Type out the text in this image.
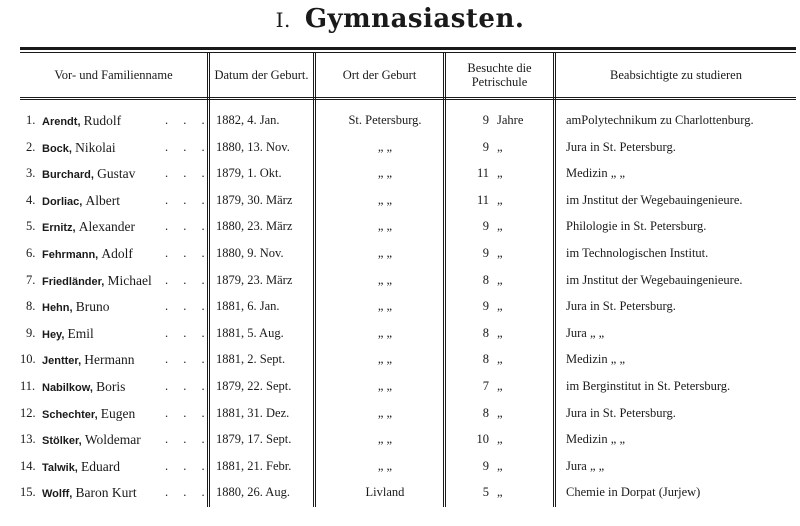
I. Gymnasiasten.
Vor- und Familienname	Datum der Geburt.	Ort der Geburt	Besuchte die Petrischule	Beabsichtigte zu studieren
1. Arendt, Rudolf	. . . 1882, 4. Jan.	St. Petersburg.	9 Jahre	amPolytechnikum zu Charlottenburg.
2. Bock, Nikolai	. . . 1880, 13. Nov.	„ „	9 „	Jura in St. Petersburg.
3. Burchard, Gustav . . . 1879, 1. Okt.	„ „	11 „	Medizin „ „
4. Dorliac, Albert	. . . 1879, 30. März	„ „	11 „	im Jnstitut der Wegebauingenieure.
5. Ernitz, Alexander . . . 1880, 23. März	„ „	9 „	Philologie in St. Petersburg.
6. Fehrmann, Adolf	. . . 1880, 9. Nov.	„ „	9 „	im Technologischen Institut.
7. Friedländer, Michael . . . 1879, 23. März	„ „	8 „	im Jnstitut der Wegebauingenieure.
8. Hehn, Bruno	. . . 1881, 6. Jan.	„ „	9 „	Jura in St. Petersburg.
9. Hey, Emil	. . . 1881, 5. Aug.	„ „	8 „	Jura „ „
10. Jentter, Hermann . . . 1881, 2. Sept.	„ „	8 „	Medizin „ „
11. Nabilkow, Boris	. . . 1879, 22. Sept.	„ „	7 „	im Berginstitut in St. Petersburg.
12. Schechter, Eugen . . . 1881, 31. Dez.	„ „	8 „	Jura in St. Petersburg.
13. Stölker, Woldemar . . . 1879, 17. Sept.	„ „	10 „	Medizin „ „
14. Talwik, Eduard	. . . 1881, 21. Febr.	„ „	9 „	Jura „ „
15. Wolff, Baron Kurt . . . 1880, 26. Aug.	Livland	5 „	Chemie in Dorpat (Jurjew)
